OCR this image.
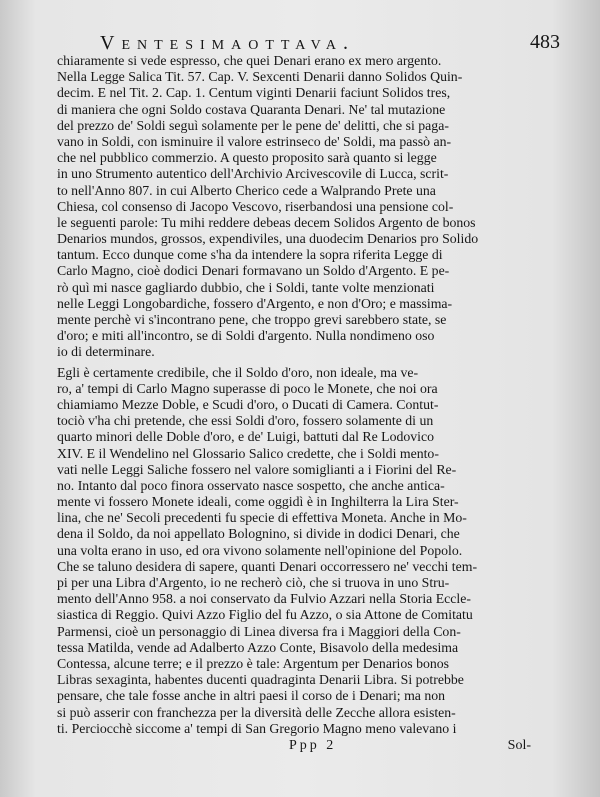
Ventesimaottava.	483
chiaramente si vede espresso, che quei Denari erano ex mero argento.
Nella Legge Salica Tit. 57. Cap. V. Sexcenti Denarii danno Solidos Quin-
decim. E nel Tit. 2. Cap. 1. Centum viginti Denarii faciunt Solidos tres,
di maniera che ogni Soldo costava Quaranta Denari. Ne' tal mutazione
del prezzo de' Soldi seguì solamente per le pene de' delitti, che si paga-
vano in Soldi, con isminuire il valore estrinseco de' Soldi, ma passò an-
che nel pubblico commerzio. A questo proposito sarà quanto si legge
in uno Strumento autentico dell'Archivio Arcivescovile di Lucca, scrit-
to nell'Anno 807. in cui Alberto Cherico cede a Walprando Prete una
Chiesa, col consenso di Jacopo Vescovo, riserbandosi una pensione col-
le seguenti parole: Tu mihi reddere debeas decem Solidos Argento de bonos
Denarios mundos, grossos, expendiviles, una duodecim Denarios pro Solido
tantum. Ecco dunque come s'ha da intendere la sopra riferita Legge di
Carlo Magno, cioè dodici Denari formavano un Soldo d'Argento. E pe-
rò quì mi nasce gagliardo dubbio, che i Soldi, tante volte menzionati
nelle Leggi Longobardiche, fossero d'Argento, e non d'Oro; e massima-
mente perchè vi s'incontrano pene, che troppo grevi sarebbero state, se
d'oro; e miti all'incontro, se di Soldi d'argento. Nulla nondimeno oso
io di determinare.
Egli è certamente credibile, che il Soldo d'oro, non ideale, ma ve-
ro, a' tempi di Carlo Magno superasse di poco le Monete, che noi ora
chiamiamo Mezze Doble, e Scudi d'oro, o Ducati di Camera. Contut-
tociò v'ha chi pretende, che essi Soldi d'oro, fossero solamente di un
quarto minori delle Doble d'oro, e de' Luigi, battuti dal Re Lodovico
XIV. E il Wendelino nel Glossario Salico credette, che i Soldi mento-
vati nelle Leggi Saliche fossero nel valore somiglianti a i Fiorini del Re-
no. Intanto dal poco finora osservato nasce sospetto, che anche antica-
mente vi fossero Monete ideali, come oggidì è in Inghilterra la Lira Ster-
lina, che ne' Secoli precedenti fu specie di effettiva Moneta. Anche in Mo-
dena il Soldo, da noi appellato Bolognino, si divide in dodici Denari, che
una volta erano in uso, ed ora vivono solamente nell'opinione del Popolo.
Che se taluno desidera di sapere, quanti Denari occorressero ne' vecchi tem-
pi per una Libra d'Argento, io ne recherò ciò, che si truova in uno Stru-
mento dell'Anno 958. a noi conservato da Fulvio Azzari nella Storia Eccle-
siastica di Reggio. Quivi Azzo Figlio del fu Azzo, o sia Attone de Comitatu
Parmensi, cioè un personaggio di Linea diversa fra i Maggiori della Con-
tessa Matilda, vende ad Adalberto Azzo Conte, Bisavolo della medesima
Contessa, alcune terre; e il prezzo è tale: Argentum per Denarios bonos
Libras sexaginta, habentes ducenti quadraginta Denarii Libra. Si potrebbe
pensare, che tale fosse anche in altri paesi il corso de i Denari; ma non
si può asserir con franchezza per la diversità delle Zecche allora esisten-
ti. Perciocchè siccome a' tempi di San Gregorio Magno meno valevano i
Ppp 2	Sol-
